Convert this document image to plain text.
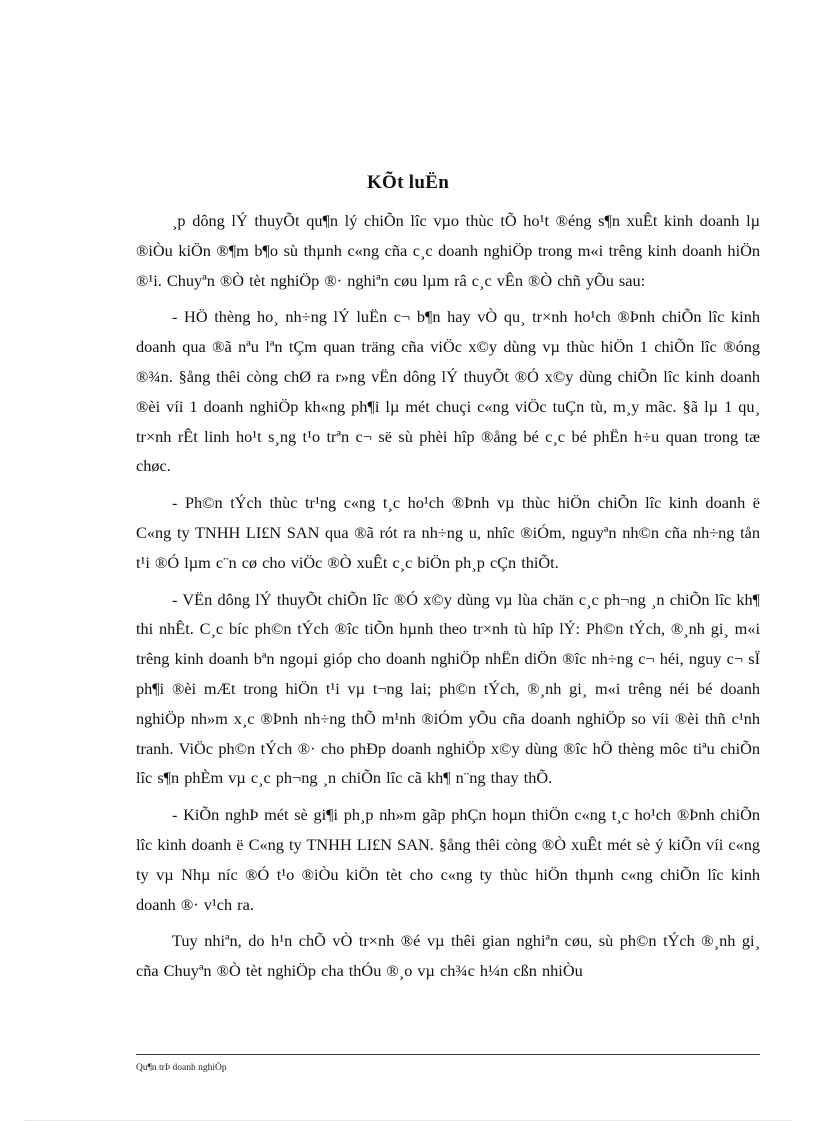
KÕt luËn

¸p dông lÝ thuyÕt qu¶n lý chiÕn lîc vµo thùc tÕ ho¹t ®éng s¶n xuÊt kinh doanh lµ ®iÒu kiÖn ®¶m b¶o sù thµnh c«ng cña c¸c doanh nghiÖp trong m«i trêng kinh doanh hiÖn ®¹i. Chuyªn ®Ò tèt nghiÖp ®· nghiªn cøu lµm râ c¸c vÊn ®Ò chñ yÕu sau:

- HÖ thèng ho¸ nh÷ng lÝ luËn c¬ b¶n hay vÒ qu¸ tr×nh ho¹ch ®Þnh chiÕn lîc kinh doanh qua ®ã nªu lªn tÇm quan träng cña viÖc x©y dùng vµ thùc hiÖn 1 chiÕn lîc ®óng ®¾n. §ång thêi còng chØ ra r»ng vËn dông lÝ thuyÕt ®Ó x©y dùng chiÕn lîc kinh doanh ®èi víi 1 doanh nghiÖp kh«ng ph¶i lµ mét chuçi c«ng viÖc tuÇn tù, m¸y mãc. §ã lµ 1 qu¸ tr×nh rÊt linh ho¹t s¸ng t¹o trªn c¬ së sù phèi hîp ®ång bé c¸c bé phËn h÷u quan trong tæ chøc.

- Ph©n tÝch thùc tr¹ng c«ng t¸c ho¹ch ®Þnh vµ thùc hiÖn chiÕn lîc kinh doanh ë C«ng ty TNHH LI£N SAN qua ®ã rót ra nh÷ng u, nhîc ®iÓm, nguyªn nh©n cña nh÷ng tån t¹i ®Ó lµm c¨n cø cho viÖc ®Ò xuÊt c¸c biÖn ph¸p cÇn thiÕt.

- VËn dông lÝ thuyÕt chiÕn lîc ®Ó x©y dùng vµ lùa chän c¸c ph¬ng ¸n chiÕn lîc kh¶ thi nhÊt. C¸c bíc ph©n tÝch ®îc tiÕn hµnh theo tr×nh tù hîp lÝ: Ph©n tÝch, ®¸nh gi¸ m«i trêng kinh doanh bªn ngoµi gióp cho doanh nghiÖp nhËn diÖn ®îc nh÷ng c¬ héi, nguy c¬ sÏ ph¶i ®èi mÆt trong hiÖn t¹i vµ t¬ng lai; ph©n tÝch, ®¸nh gi¸ m«i trêng néi bé doanh nghiÖp nh»m x¸c ®Þnh nh÷ng thÕ m¹nh ®iÓm yÕu cña doanh nghiÖp so víi ®èi thñ c¹nh tranh. ViÖc ph©n tÝch ®· cho phÐp doanh nghiÖp x©y dùng ®îc hÖ thèng môc tiªu chiÕn lîc s¶n phÈm vµ c¸c ph¬ng ¸n chiÕn lîc cã kh¶ n¨ng thay thÕ.

- KiÕn nghÞ mét sè gi¶i ph¸p nh»m gãp phÇn hoµn thiÖn c«ng t¸c ho¹ch ®Þnh chiÕn lîc kinh doanh ë C«ng ty TNHH LI£N SAN. §ång thêi còng ®Ò xuÊt mét sè ý kiÕn víi c«ng ty vµ Nhµ níc ®Ó t¹o ®iÒu kiÖn tèt cho c«ng ty thùc hiÖn thµnh c«ng chiÕn lîc kinh doanh ®· v¹ch ra.

Tuy nhiªn, do h¹n chÕ vÒ tr×nh ®é vµ thêi gian nghiªn cøu, sù ph©n tÝch ®¸nh gi¸ cña Chuyªn ®Ò tèt nghiÖp cha thÓu ®¸o vµ ch¾c h¼n cßn nhiÒu

Qu¶n trÞ doanh nghiÖp
